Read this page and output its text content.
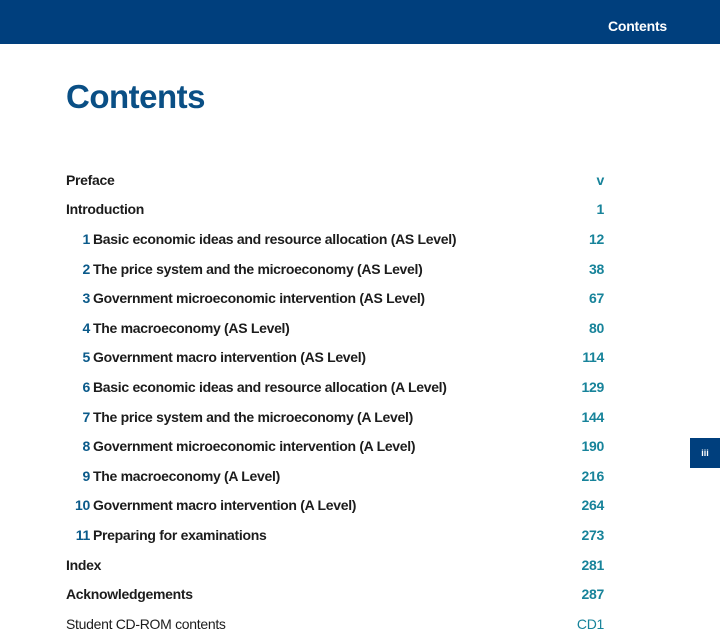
Contents
Contents
Preface	v
Introduction	1
1 Basic economic ideas and resource allocation (AS Level)	12
2 The price system and the microeconomy (AS Level)	38
3 Government microeconomic intervention (AS Level)	67
4 The macroeconomy (AS Level)	80
5 Government macro intervention (AS Level)	114
6 Basic economic ideas and resource allocation (A Level)	129
7 The price system and the microeconomy (A Level)	144
8 Government microeconomic intervention (A Level)	190
9 The macroeconomy (A Level)	216
10 Government macro intervention (A Level)	264
11 Preparing for examinations	273
Index	281
Acknowledgements	287
Student CD-ROM contents	CD1
iii
